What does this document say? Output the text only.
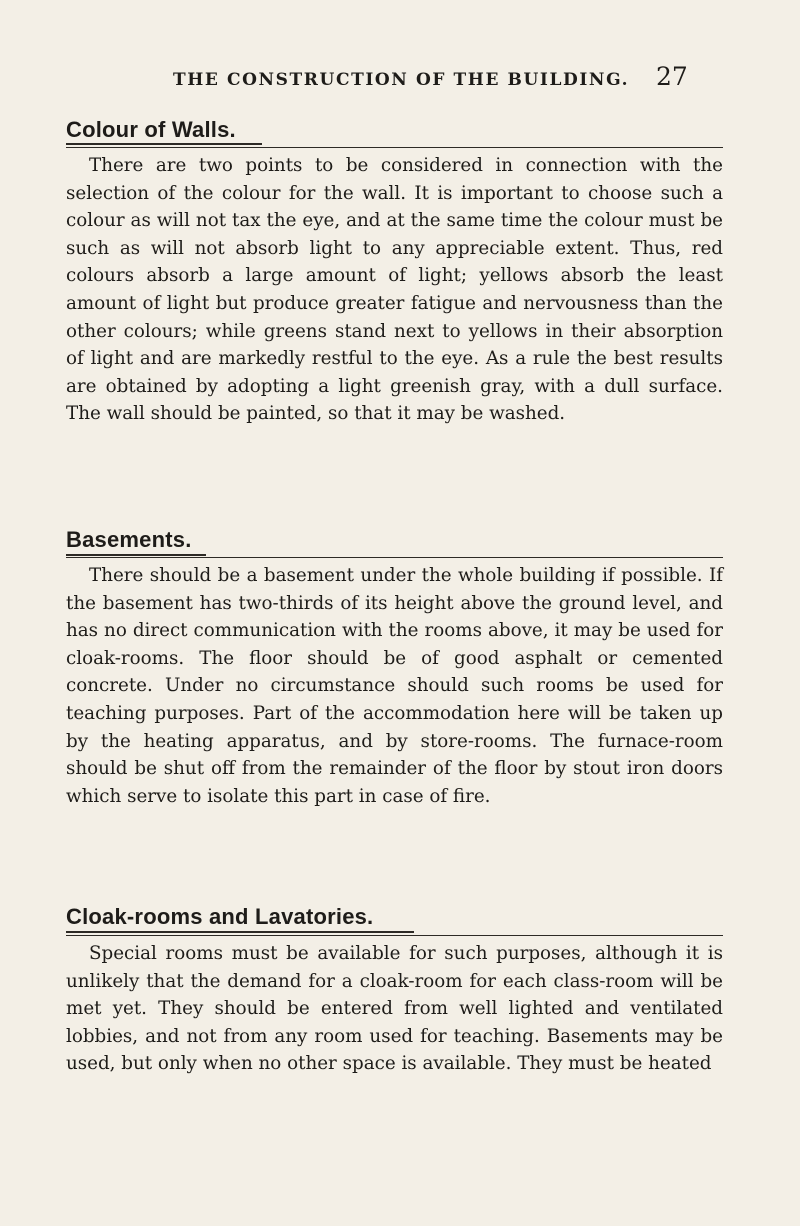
THE CONSTRUCTION OF THE BUILDING. 27
Colour of Walls.

There are two points to be considered in connection with the selection of the colour for the wall. It is important to choose such a colour as will not tax the eye, and at the same time the colour must be such as will not absorb light to any appreciable extent. Thus, red colours absorb a large amount of light; yellows absorb the least amount of light but produce greater fatigue and nervousness than the other colours; while greens stand next to yellows in their absorption of light and are markedly restful to the eye. As a rule the best results are obtained by adopting a light greenish gray, with a dull surface. The wall should be painted, so that it may be washed.

Basements.

There should be a basement under the whole building if possible. If the basement has two-thirds of its height above the ground level, and has no direct communication with the rooms above, it may be used for cloak-rooms. The floor should be of good asphalt or cemented concrete. Under no circumstance should such rooms be used for teaching purposes. Part of the accommodation here will be taken up by the heating apparatus, and by store-rooms. The furnace-room should be shut off from the remainder of the floor by stout iron doors which serve to isolate this part in case of fire.

Cloak-rooms and Lavatories.

Special rooms must be available for such purposes, although it is unlikely that the demand for a cloak-room for each class-room will be met yet. They should be entered from well lighted and ventilated lobbies, and not from any room used for teaching. Basements may be used, but only when no other space is available. They must be heated
